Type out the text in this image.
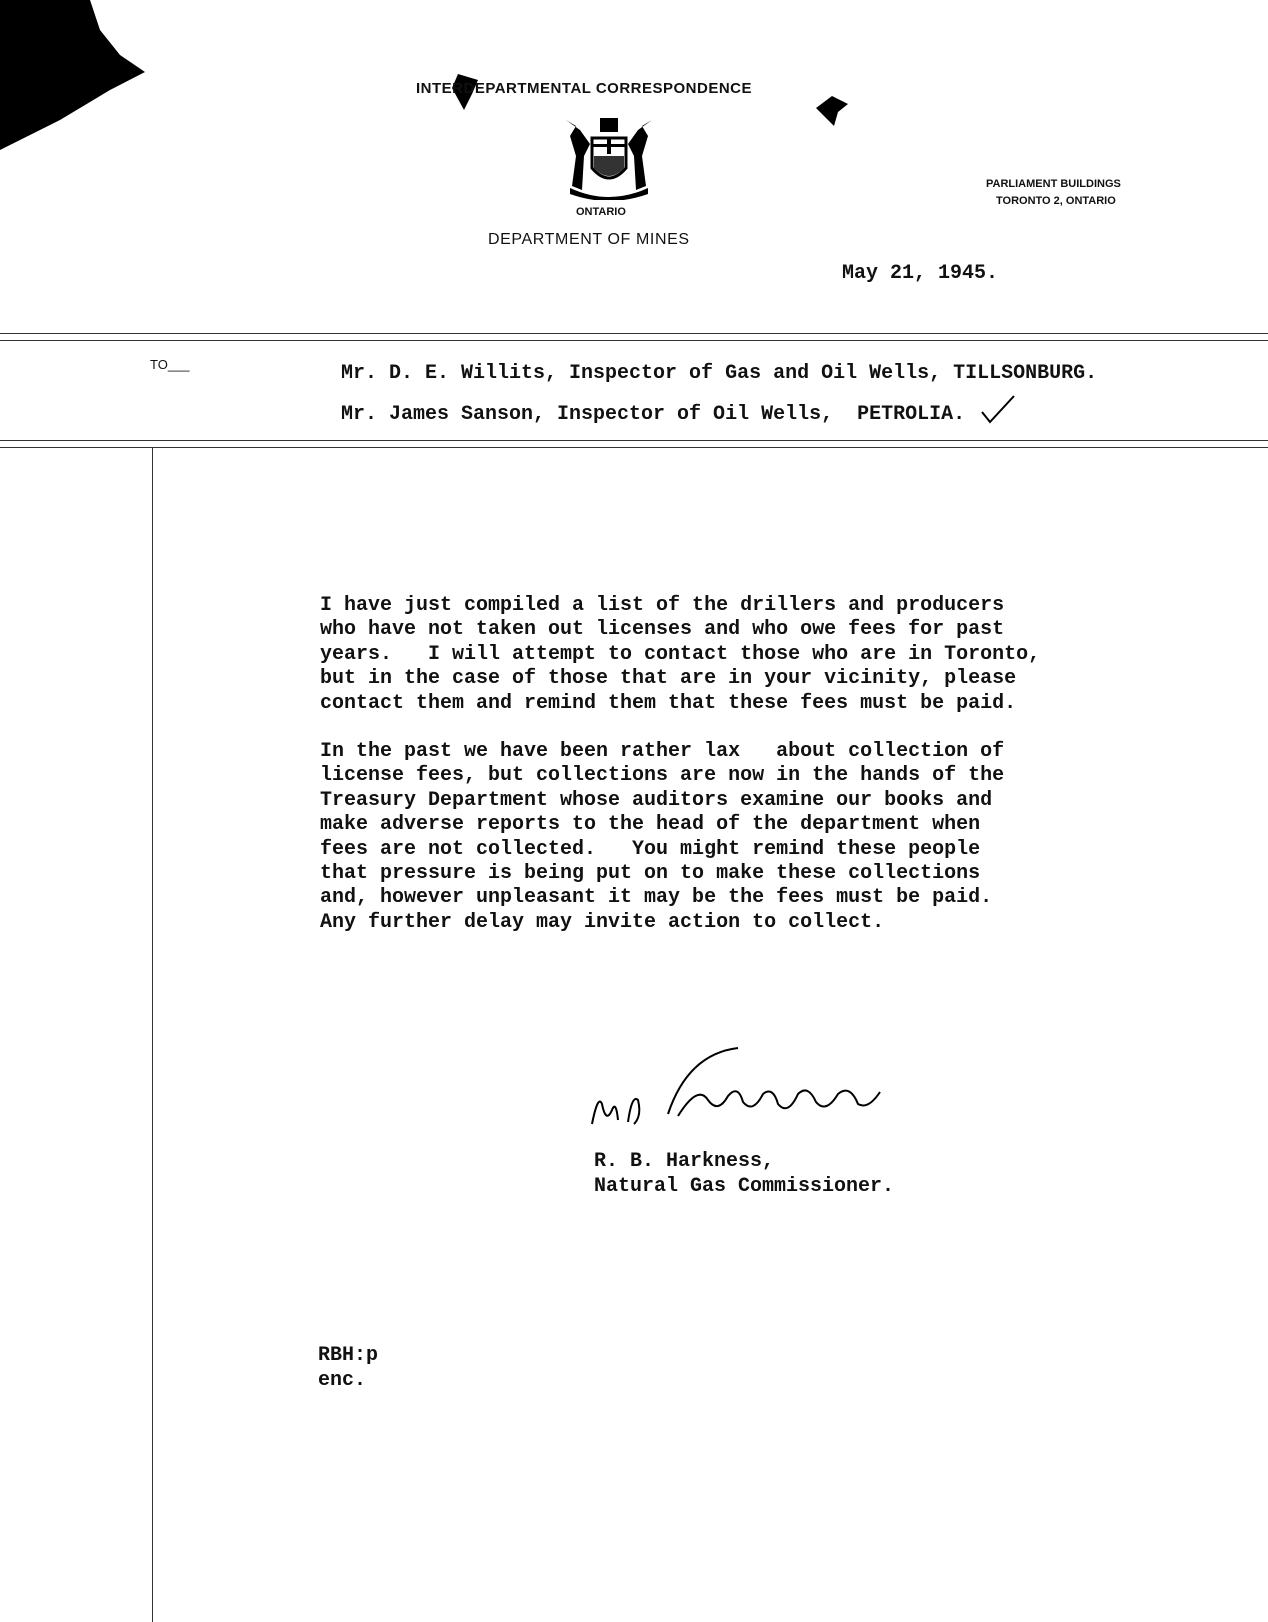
INTERDEPARTMENTAL CORRESPONDENCE
ONTARIO
DEPARTMENT OF MINES
PARLIAMENT BUILDINGS
TORONTO 2, ONTARIO
May 21, 1945.
TO___	Mr. D. E. Willits, Inspector of Gas and Oil Wells, TILLSONBURG.
Mr. James Sanson, Inspector of Oil Wells,  PETROLIA.
I have just compiled a list of the drillers and producers
who have not taken out licenses and who owe fees for past
years.   I will attempt to contact those who are in Toronto,
but in the case of those that are in your vicinity, please
contact them and remind them that these fees must be paid.
In the past we have been rather lax   about collection of
license fees, but collections are now in the hands of the
Treasury Department whose auditors examine our books and
make adverse reports to the head of the department when
fees are not collected.   You might remind these people
that pressure is being put on to make these collections
and, however unpleasant it may be the fees must be paid.
Any further delay may invite action to collect.
R. B. Harkness,
Natural Gas Commissioner.
RBH:p
enc.
